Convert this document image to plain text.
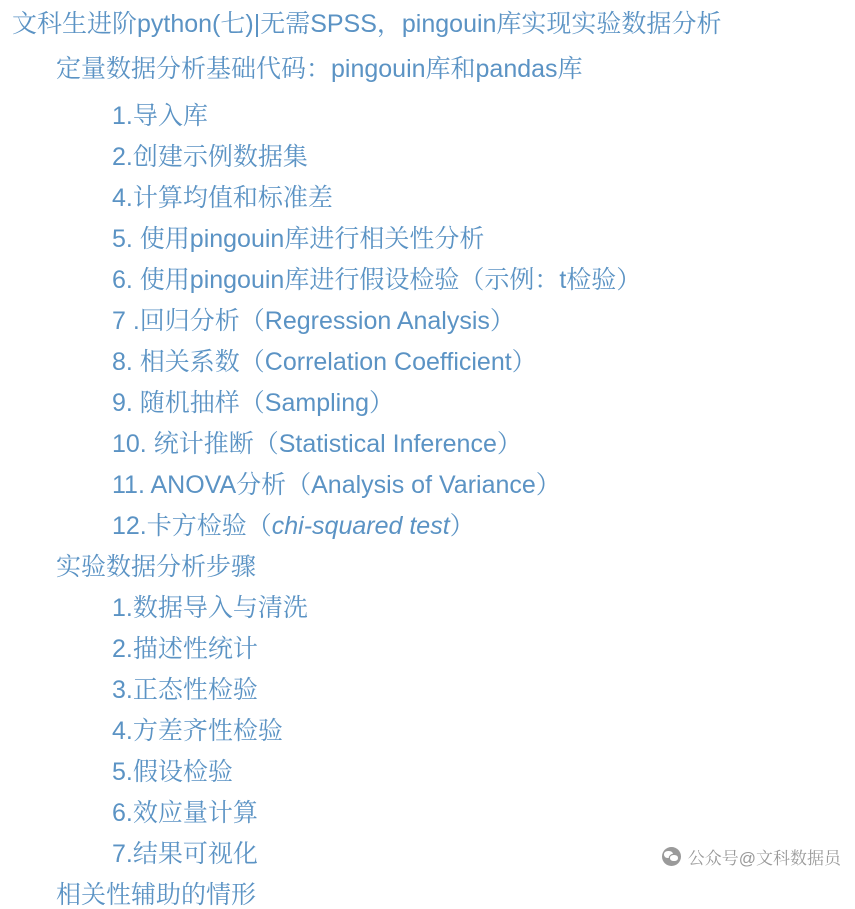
文科生进阶python(七)|无需SPSS，pingouin库实现实验数据分析
定量数据分析基础代码：pingouin库和pandas库
1.导入库
2.创建示例数据集
4.计算均值和标准差
5. 使用pingouin库进行相关性分析
6. 使用pingouin库进行假设检验（示例：t检验）
7 .回归分析（Regression Analysis）
8. 相关系数（Correlation Coefficient）
9. 随机抽样（Sampling）
10. 统计推断（Statistical Inference）
11. ANOVA分析（Analysis of Variance）
12.卡方检验（chi-squared test）
实验数据分析步骤
1.数据导入与清洗
2.描述性统计
3.正态性检验
4.方差齐性检验
5.假设检验
6.效应量计算
7.结果可视化
相关性辅助的情形
公众号@文科数据员
